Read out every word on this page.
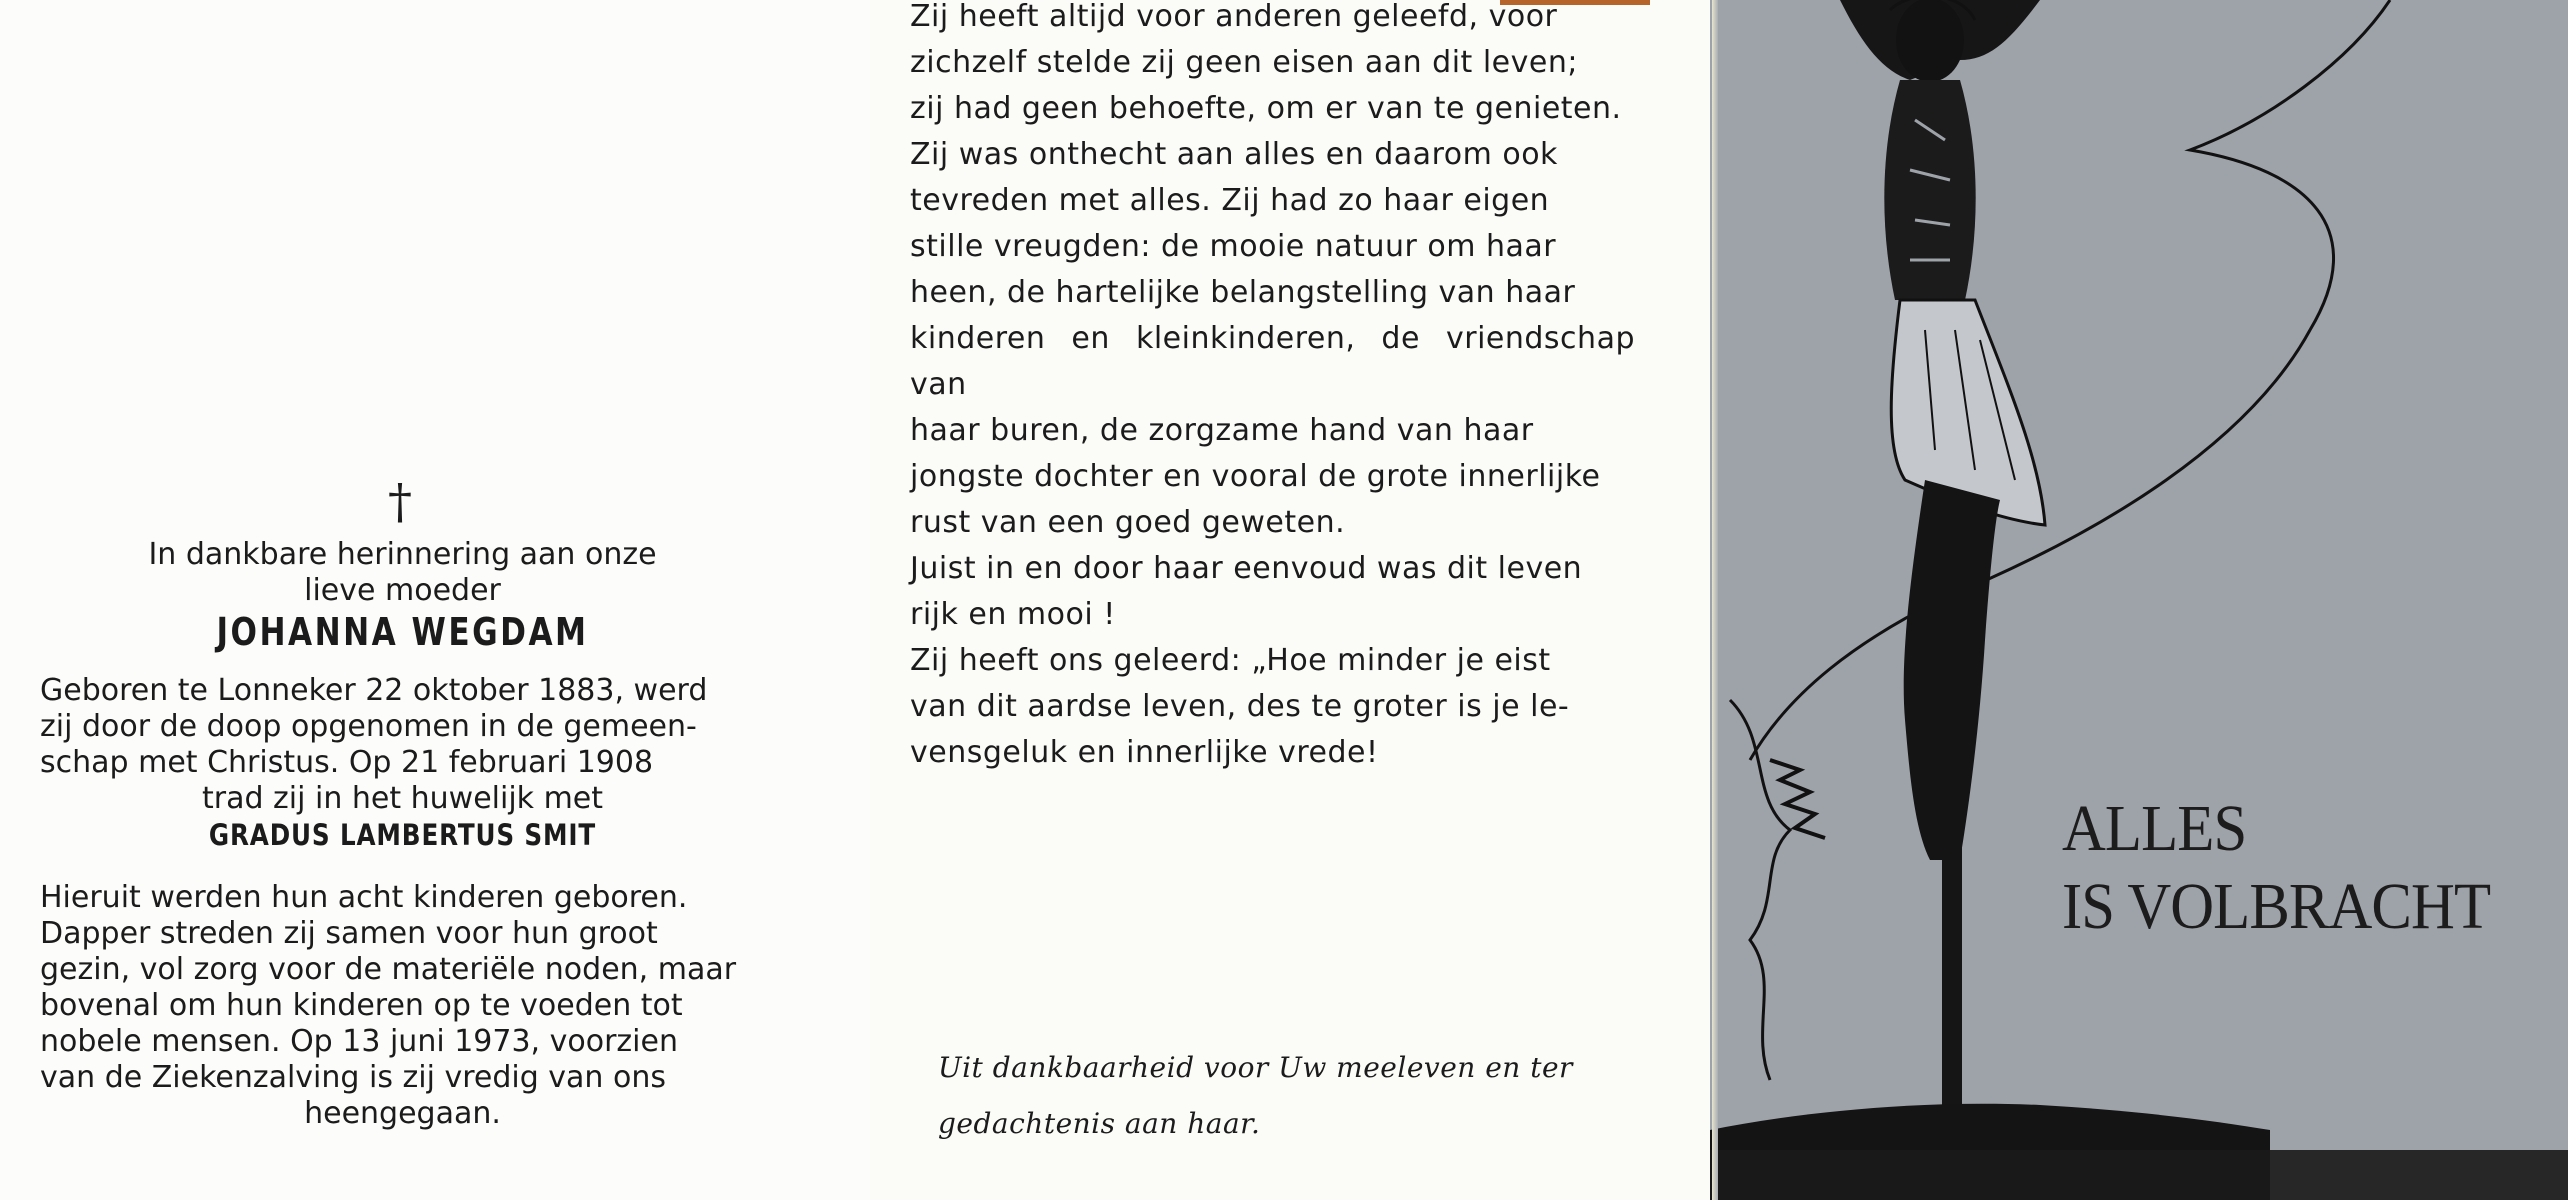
ALLES
IS VOLBRACHT
†
In dankbare herinnering aan onze
lieve moeder
JOHANNA WEGDAM
Geboren te Lonneker 22 oktober 1883, werd
zij door de doop opgenomen in de gemeen-
schap met Christus. Op 21 februari 1908
trad zij in het huwelijk met
GRADUS LAMBERTUS SMIT
Hieruit werden hun acht kinderen geboren.
Dapper streden zij samen voor hun groot
gezin, vol zorg voor de materiële noden, maar
bovenal om hun kinderen op te voeden tot
nobele mensen. Op 13 juni 1973, voorzien
van de Ziekenzalving is zij vredig van ons
heengegaan.

Zij heeft altijd voor anderen geleefd, voor

zichzelf stelde zij geen eisen aan dit leven;

zij had geen behoefte, om er van te genieten.

Zij was onthecht aan alles en daarom ook

tevreden met alles. Zij had zo haar eigen

stille vreugden: de mooie natuur om haar

heen, de hartelijke belangstelling van haar

kinderen en kleinkinderen, de vriendschap van

haar buren, de zorgzame hand van haar

jongste dochter en vooral de grote innerlijke

rust van een goed geweten.

Juist in en door haar eenvoud was dit leven

rijk en mooi !

Zij heeft ons geleerd: „Hoe minder je eist

van dit aardse leven, des te groter is je le-

vensgeluk en innerlijke vrede!

Uit dankbaarheid voor Uw meeleven en ter

gedachtenis aan haar.
